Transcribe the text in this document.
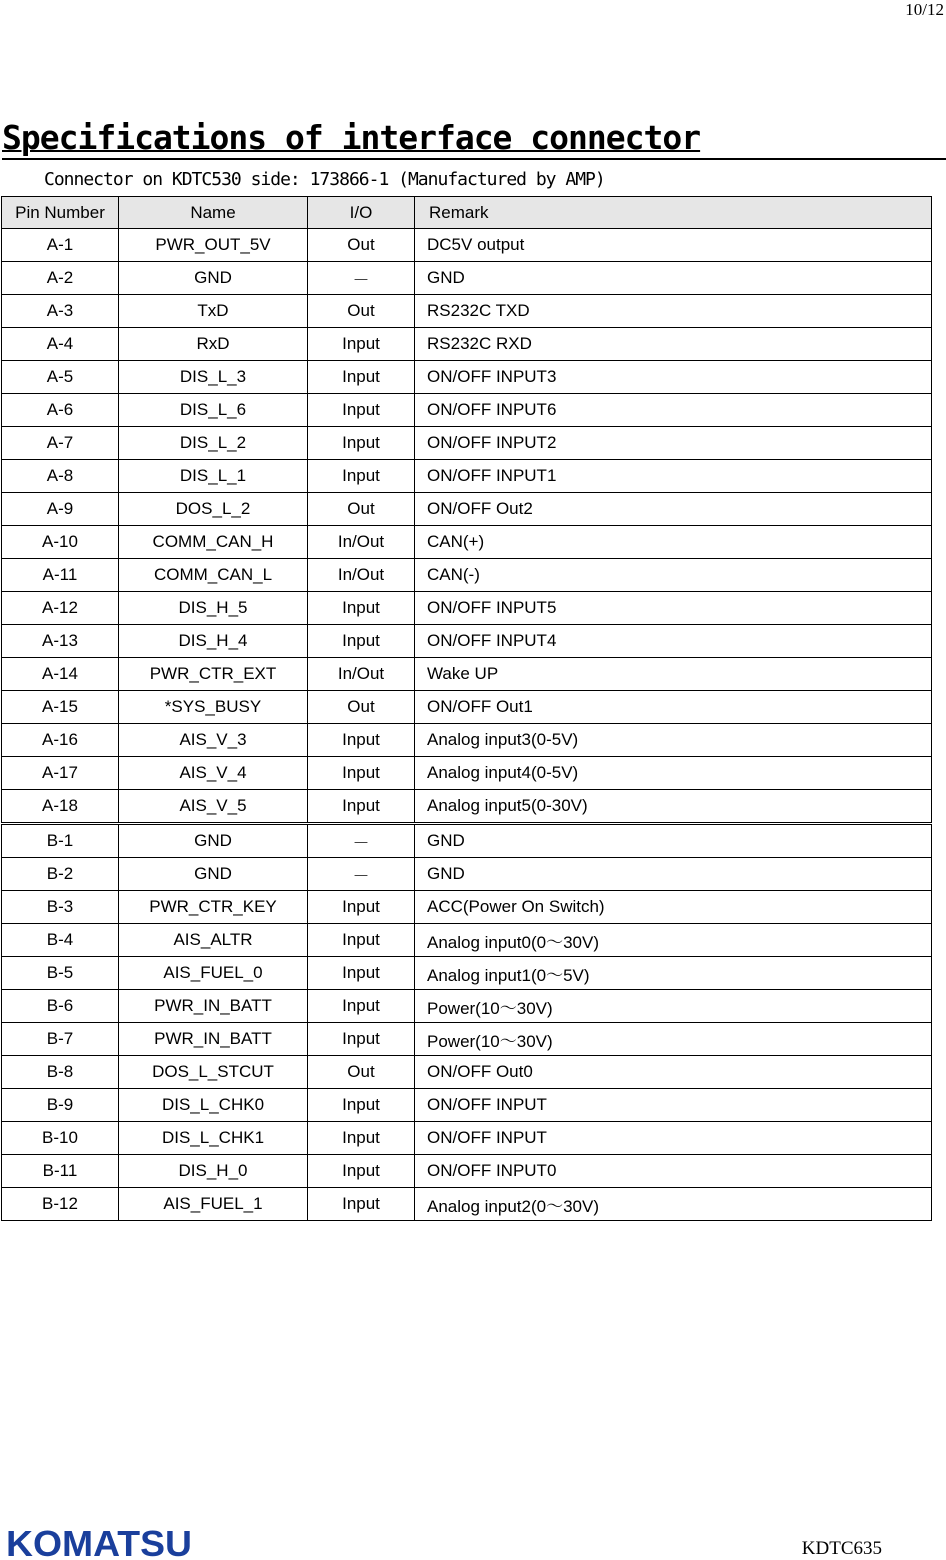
10/12
Specifications of interface connector
Connector on KDTC530 side: 173866-1 (Manufactured by AMP)
Pin Number	Name	I/O	Remark
A-1	PWR_OUT_5V	Out	DC5V output
A-2	GND	－	GND
A-3	TxD	Out	RS232C TXD
A-4	RxD	Input	RS232C RXD
A-5	DIS_L_3	Input	ON/OFF INPUT3
A-6	DIS_L_6	Input	ON/OFF INPUT6
A-7	DIS_L_2	Input	ON/OFF INPUT2
A-8	DIS_L_1	Input	ON/OFF INPUT1
A-9	DOS_L_2	Out	ON/OFF Out2
A-10	COMM_CAN_H	In/Out	CAN(+)
A-11	COMM_CAN_L	In/Out	CAN(-)
A-12	DIS_H_5	Input	ON/OFF INPUT5
A-13	DIS_H_4	Input	ON/OFF INPUT4
A-14	PWR_CTR_EXT	In/Out	Wake UP
A-15	*SYS_BUSY	Out	ON/OFF Out1
A-16	AIS_V_3	Input	Analog input3(0-5V)
A-17	AIS_V_4	Input	Analog input4(0-5V)
A-18	AIS_V_5	Input	Analog input5(0-30V)
B-1	GND	－	GND
B-2	GND	－	GND
B-3	PWR_CTR_KEY	Input	ACC(Power On Switch)
B-4	AIS_ALTR	Input	Analog input0(0～30V)
B-5	AIS_FUEL_0	Input	Analog input1(0～5V)
B-6	PWR_IN_BATT	Input	Power(10～30V)
B-7	PWR_IN_BATT	Input	Power(10～30V)
B-8	DOS_L_STCUT	Out	ON/OFF Out0
B-9	DIS_L_CHK0	Input	ON/OFF INPUT
B-10	DIS_L_CHK1	Input	ON/OFF INPUT
B-11	DIS_H_0	Input	ON/OFF INPUT0
B-12	AIS_FUEL_1	Input	Analog input2(0～30V)
KOMATSU	KDTC635
